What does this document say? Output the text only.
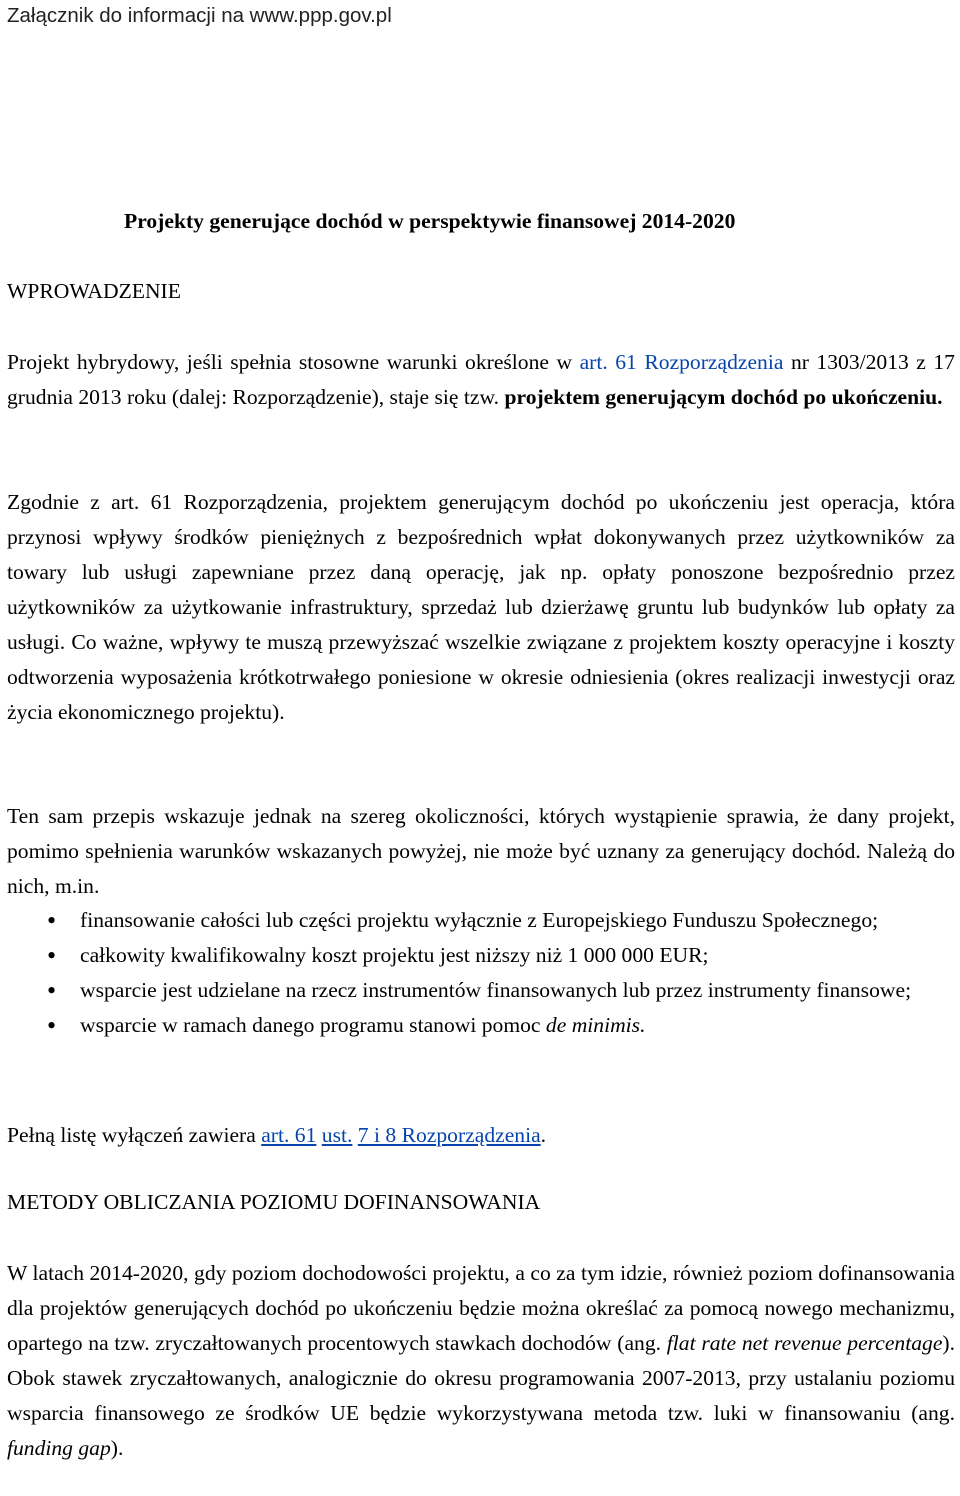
Załącznik do informacji na www.ppp.gov.pl
Projekty generujące dochód w perspektywie finansowej 2014-2020
WPROWADZENIE
Projekt hybrydowy, jeśli spełnia stosowne warunki określone w art. 61 Rozporządzenia nr 1303/2013 z 17 grudnia 2013 roku (dalej: Rozporządzenie), staje się tzw. projektem generującym dochód po ukończeniu.
Zgodnie z art. 61 Rozporządzenia, projektem generującym dochód po ukończeniu jest operacja, która przynosi wpływy środków pieniężnych z bezpośrednich wpłat dokonywanych przez użytkowników za towary lub usługi zapewniane przez daną operację, jak np. opłaty ponoszone bezpośrednio przez użytkowników za użytkowanie infrastruktury, sprzedaż lub dzierżawę gruntu lub budynków lub opłaty za usługi. Co ważne, wpływy te muszą przewyższać wszelkie związane z projektem koszty operacyjne i koszty odtworzenia wyposażenia krótkotrwałego poniesione w okresie odniesienia (okres realizacji inwestycji oraz życia ekonomicznego projektu).
Ten sam przepis wskazuje jednak na szereg okoliczności, których wystąpienie sprawia, że dany projekt, pomimo spełnienia warunków wskazanych powyżej, nie może być uznany za generujący dochód. Należą do nich, m.in.
• finansowanie całości lub części projektu wyłącznie z Europejskiego Funduszu Społecznego;
• całkowity kwalifikowalny koszt projektu jest niższy niż 1 000 000 EUR;
• wsparcie jest udzielane na rzecz instrumentów finansowanych lub przez instrumenty finansowe;
• wsparcie w ramach danego programu stanowi pomoc de minimis.
Pełną listę wyłączeń zawiera art. 61 ust. 7 i 8 Rozporządzenia.
METODY OBLICZANIA POZIOMU DOFINANSOWANIA
W latach 2014-2020, gdy poziom dochodowości projektu, a co za tym idzie, również poziom dofinansowania dla projektów generujących dochód po ukończeniu będzie można określać za pomocą nowego mechanizmu, opartego na tzw. zryczałtowanych procentowych stawkach dochodów (ang. flat rate net revenue percentage). Obok stawek zryczałtowanych, analogicznie do okresu programowania 2007-2013, przy ustalaniu poziomu wsparcia finansowego ze środków UE będzie wykorzystywana metoda tzw. luki w finansowaniu (ang. funding gap).
